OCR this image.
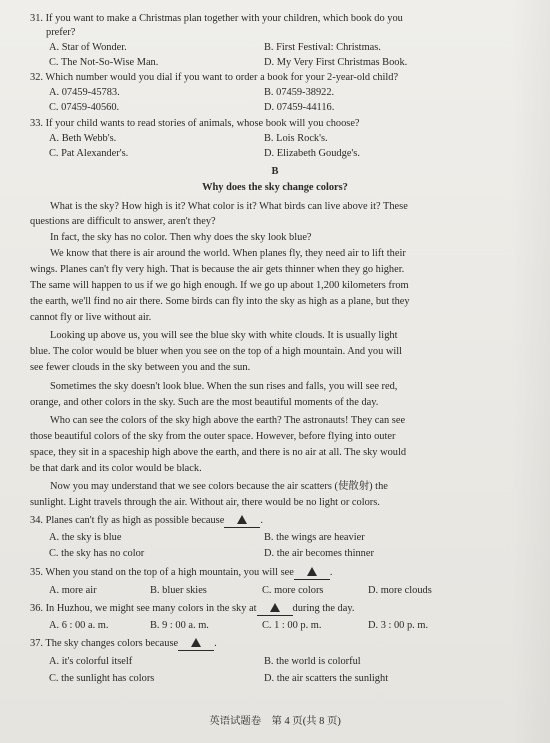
31. If you want to make a Christmas plan together with your children, which book do you
prefer?
A. Star of Wonder.	B. First Festival: Christmas.
C. The Not-So-Wise Man.	D. My Very First Christmas Book.
32. Which number would you dial if you want to order a book for your 2-year-old child?
A. 07459-45783.	B. 07459-38922.
C. 07459-40560.	D. 07459-44116.
33. If your child wants to read stories of animals, whose book will you choose?
A. Beth Webb's.	B. Lois Rock's.
C. Pat Alexander's.	D. Elizabeth Goudge's.
B
Why does the sky change colors?
What is the sky? How high is it? What color is it? What birds can live above it? These
questions are difficult to answer, aren't they?
In fact, the sky has no color. Then why does the sky look blue?
We know that there is air around the world. When planes fly, they need air to lift their
wings. Planes can't fly very high. That is because the air gets thinner when they go higher.
The same will happen to us if we go high enough. If we go up about 1,200 kilometers from
the earth, we'll find no air there. Some birds can fly into the sky as high as a plane, but they
cannot fly or live without air.
Looking up above us, you will see the blue sky with white clouds. It is usually light
blue. The color would be bluer when you see on the top of a high mountain. And you will
see fewer clouds in the sky between you and the sun.
Sometimes the sky doesn't look blue. When the sun rises and falls, you will see red,
orange, and other colors in the sky. Such are the most beautiful moments of the day.
Who can see the colors of the sky high above the earth? The astronauts! They can see
those beautiful colors of the sky from the outer space. However, before flying into outer
space, they sit in a spaceship high above the earth, and there is no air at all. The sky would
be that dark and its color would be black.
Now you may understand that we see colors because the air scatters (使散射) the
sunlight. Light travels through the air. Without air, there would be no light or colors.
34. Planes can't fly as high as possible because	.
A. the sky is blue	B. the wings are heavier
C. the sky has no color	D. the air becomes thinner
35. When you stand on the top of a high mountain, you will see	.
A. more air	B. bluer skies	C. more colors	D. more clouds
36. In Huzhou, we might see many colors in the sky at	during the day.
A. 6 : 00 a. m.	B. 9 : 00 a. m.	C. 1 : 00 p. m.	D. 3 : 00 p. m.
37. The sky changes colors because	.
A. it's colorful itself	B. the world is colorful
C. the sunlight has colors	D. the air scatters the sunlight
英语试题卷　第 4 页(共 8 页)
